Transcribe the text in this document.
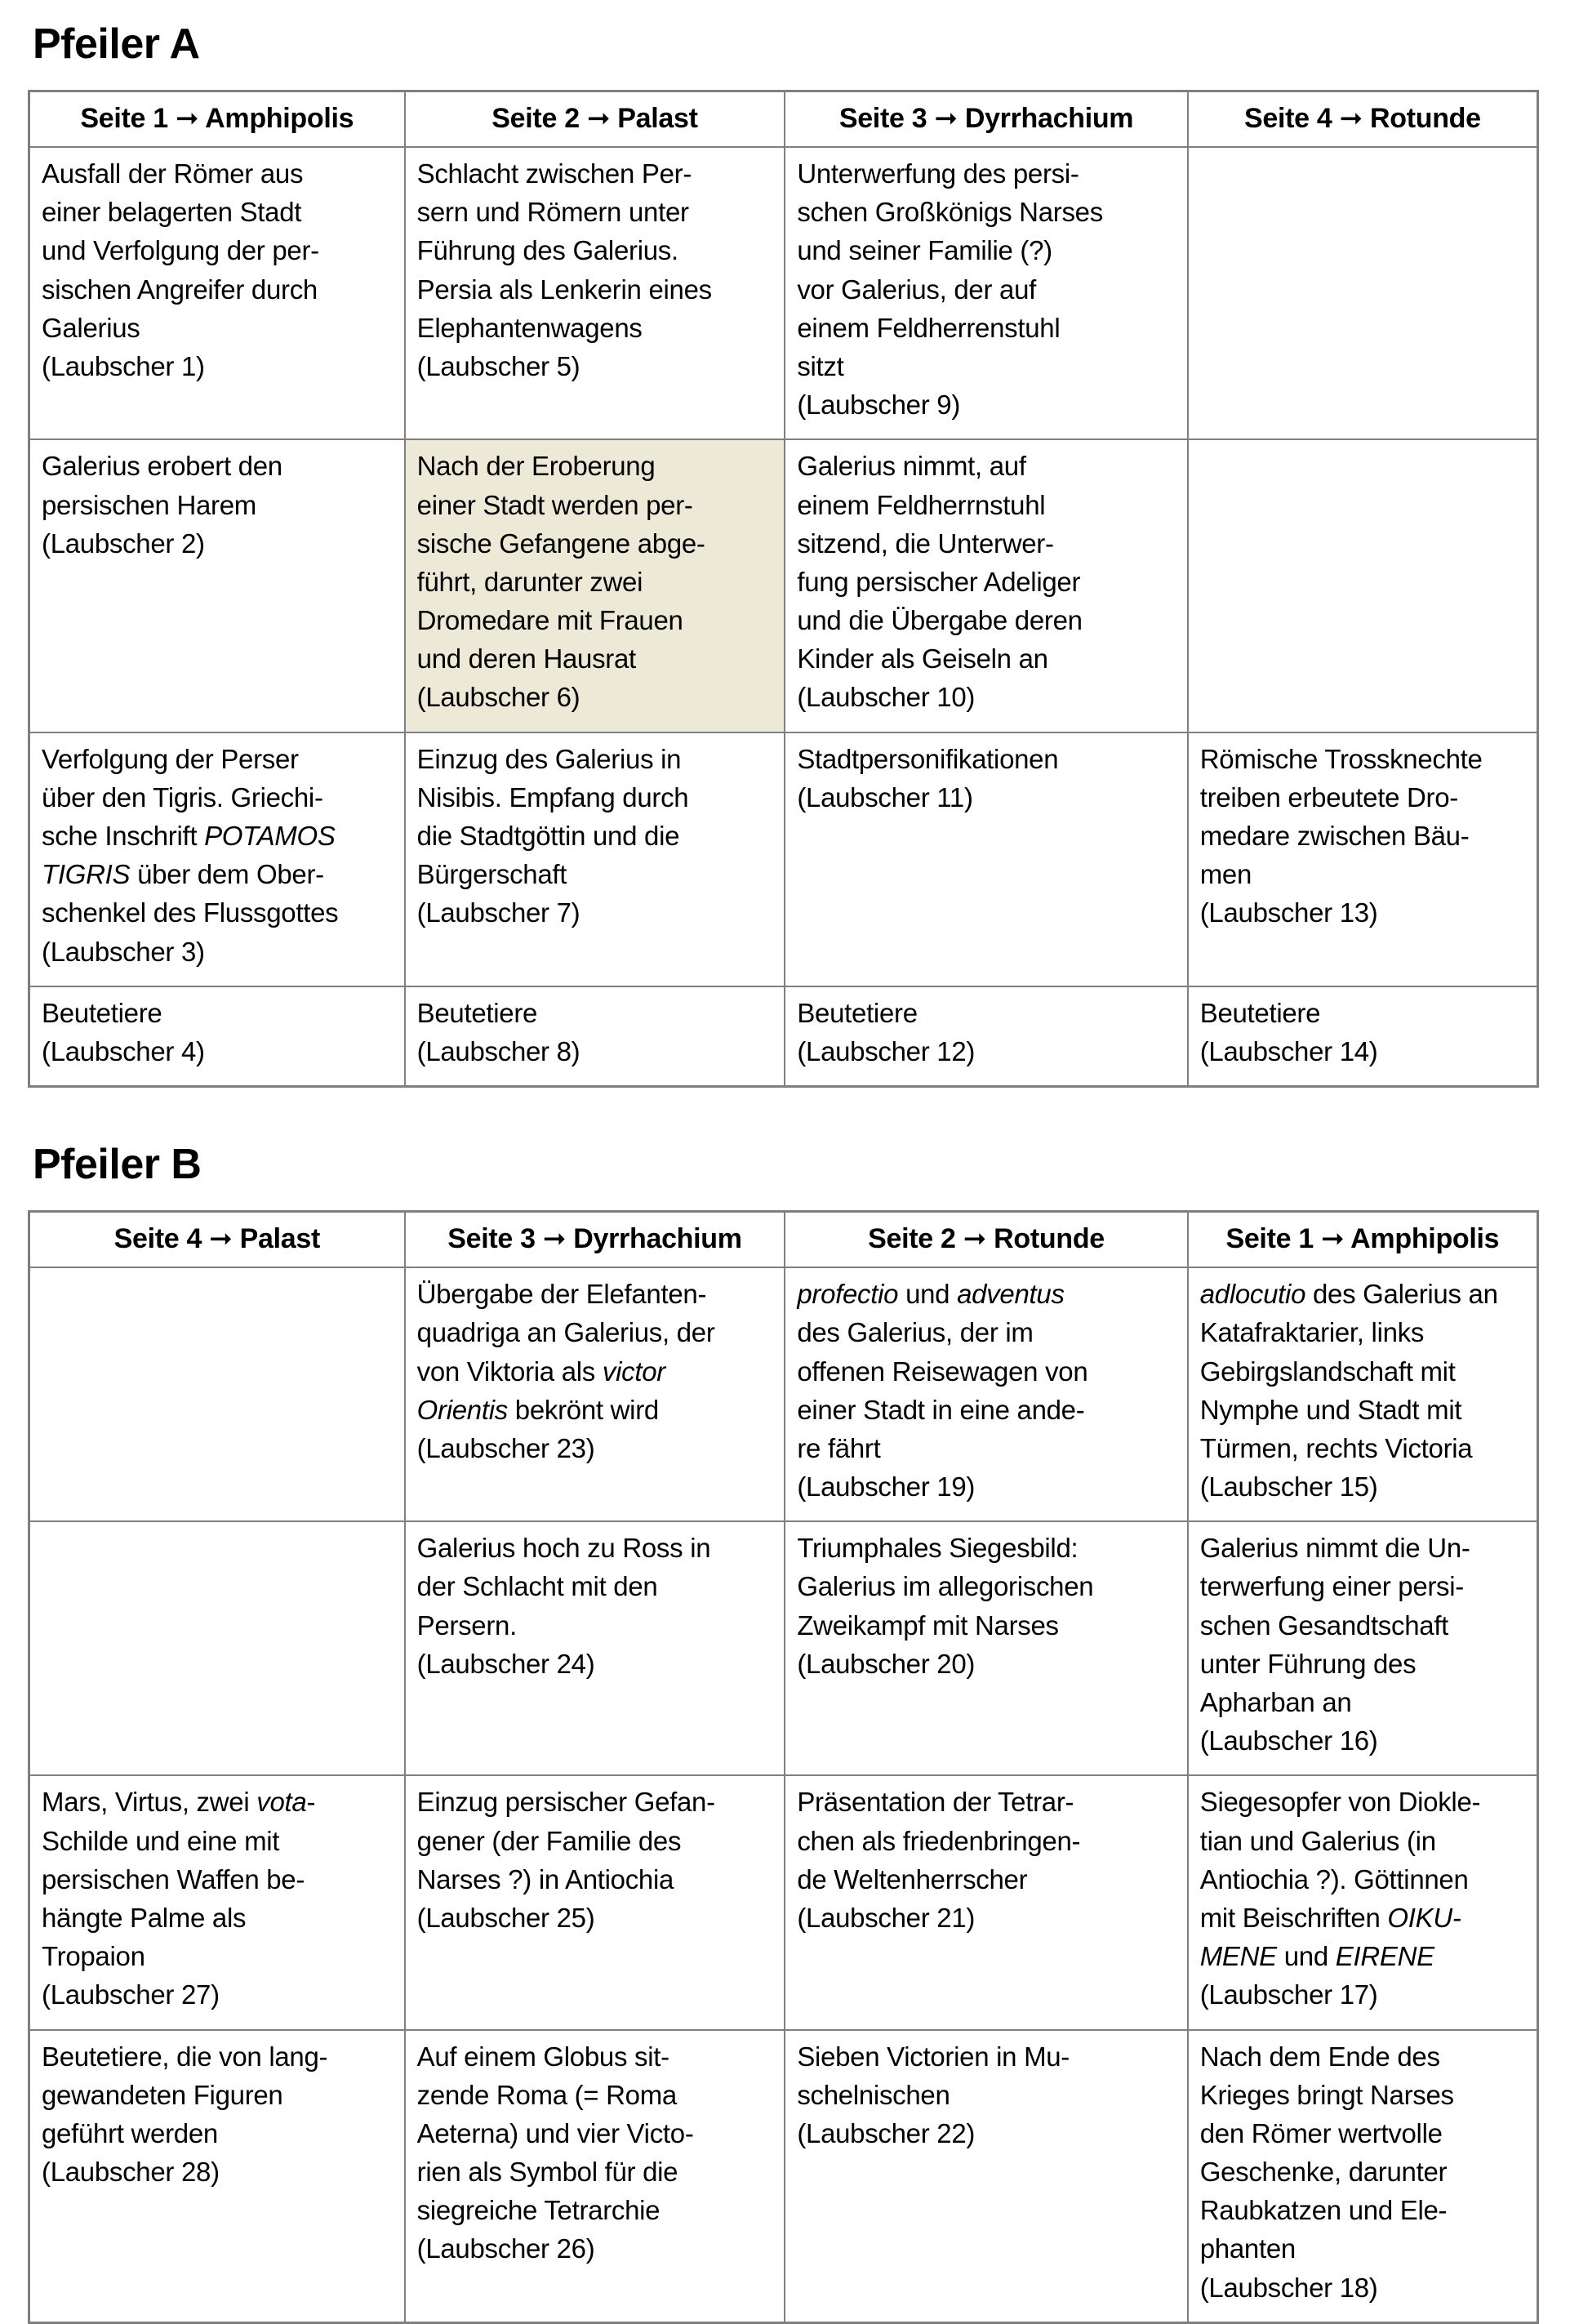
Pfeiler A
Seite 1 ➞ Amphipolis	Seite 2 ➞ Palast	Seite 3 ➞ Dyrrhachium	Seite 4 ➞ Rotunde
Ausfall der Römer aus
einer belagerten Stadt
und Verfolgung der per-
sischen Angreifer durch
Galerius
(Laubscher 1)	Schlacht zwischen Per-
sern und Römern unter
Führung des Galerius.
Persia als Lenkerin eines
Elephantenwagens
(Laubscher 5)	Unterwerfung des persi-
schen Großkönigs Narses
und seiner Familie (?)
vor Galerius, der auf
einem Feldherrenstuhl
sitzt
(Laubscher 9)	
Galerius erobert den
persischen Harem
(Laubscher 2)	Nach der Eroberung
einer Stadt werden per-
sische Gefangene abge-
führt, darunter zwei
Dromedare mit Frauen
und deren Hausrat
(Laubscher 6)	Galerius nimmt, auf
einem Feldherrnstuhl
sitzend, die Unterwer-
fung persischer Adeliger
und die Übergabe deren
Kinder als Geiseln an
(Laubscher 10)	
Verfolgung der Perser
über den Tigris. Griechi-
sche Inschrift POTAMOS
TIGRIS über dem Ober-
schenkel des Flussgottes
(Laubscher 3)	Einzug des Galerius in
Nisibis. Empfang durch
die Stadtgöttin und die
Bürgerschaft
(Laubscher 7)	Stadtpersonifikationen
(Laubscher 11)	Römische Trossknechte
treiben erbeutete Dro-
medare zwischen Bäu-
men
(Laubscher 13)
Beutetiere
(Laubscher 4)	Beutetiere
(Laubscher 8)	Beutetiere
(Laubscher 12)	Beutetiere
(Laubscher 14)
Pfeiler B
Seite 4 ➞ Palast	Seite 3 ➞ Dyrrhachium	Seite 2 ➞ Rotunde	Seite 1 ➞ Amphipolis
	Übergabe der Elefanten-
quadriga an Galerius, der
von Viktoria als victor
Orientis bekrönt wird
(Laubscher 23)	profectio und adventus
des Galerius, der im
offenen Reisewagen von
einer Stadt in eine ande-
re fährt
(Laubscher 19)	adlocutio des Galerius an
Katafraktarier, links
Gebirgslandschaft mit
Nymphe und Stadt mit
Türmen, rechts Victoria
(Laubscher 15)
	Galerius hoch zu Ross in
der Schlacht mit den
Persern.
(Laubscher 24)	Triumphales Siegesbild:
Galerius im allegorischen
Zweikampf mit Narses
(Laubscher 20)	Galerius nimmt die Un-
terwerfung einer persi-
schen Gesandtschaft
unter Führung des
Apharban an
(Laubscher 16)
Mars, Virtus, zwei vota-
Schilde und eine mit
persischen Waffen be-
hängte Palme als
Tropaion
(Laubscher 27)	Einzug persischer Gefan-
gener (der Familie des
Narses ?) in Antiochia
(Laubscher 25)	Präsentation der Tetrar-
chen als friedenbringen-
de Weltenherrscher
(Laubscher 21)	Siegesopfer von Diokle-
tian und Galerius (in
Antiochia ?). Göttinnen
mit Beischriften OIKU-
MENE und EIRENE
(Laubscher 17)
Beutetiere, die von lang-
gewandeten Figuren
geführt werden
(Laubscher 28)	Auf einem Globus sit-
zende Roma (= Roma
Aeterna) und vier Victo-
rien als Symbol für die
siegreiche Tetrarchie
(Laubscher 26)	Sieben Victorien in Mu-
schelnischen
(Laubscher 22)	Nach dem Ende des
Krieges bringt Narses
den Römer wertvolle
Geschenke, darunter
Raubkatzen und Ele-
phanten
(Laubscher 18)
